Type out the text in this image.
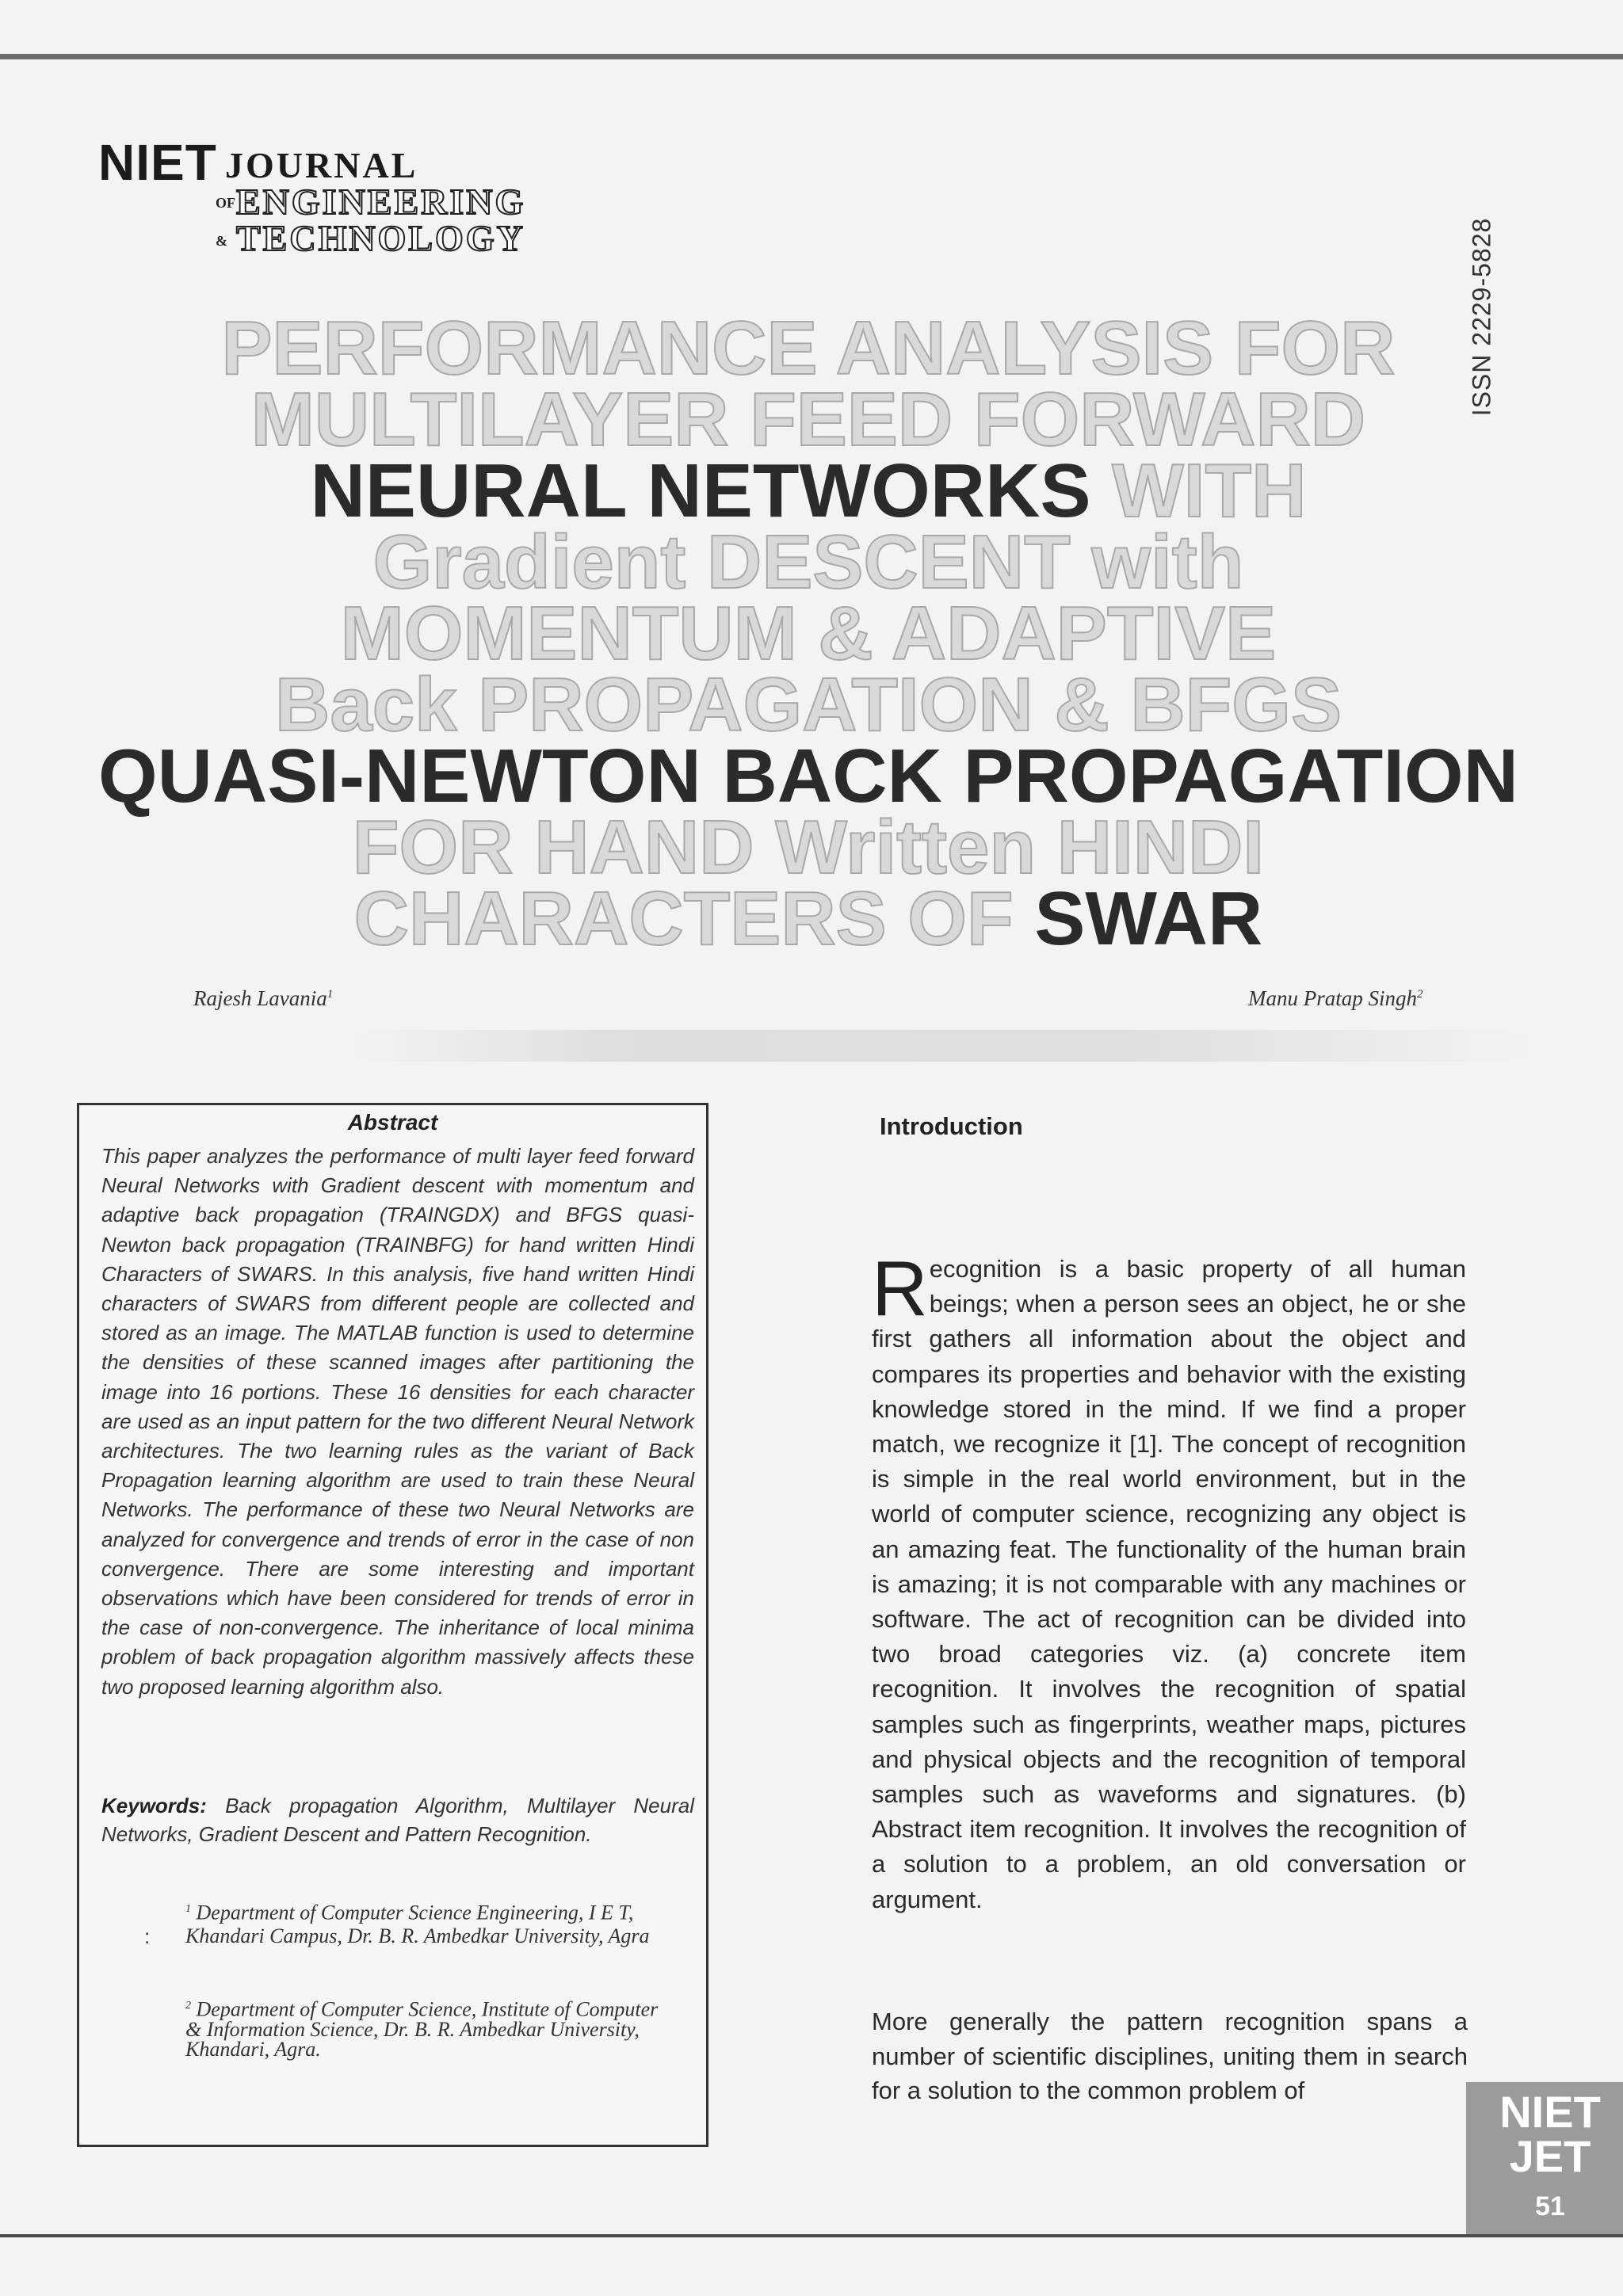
NIET JOURNAL
OF ENGINEERING
& TECHNOLOGY	ISSN 2229-5828
PERFORMANCE ANALYSIS FOR
MULTILAYER FEED FORWARD
NEURAL NETWORKS WITH
Gradient DESCENT with
MOMENTUM & ADAPTIVE
Back PROPAGATION & BFGS
QUASI-NEWTON BACK PROPAGATION
FOR HAND Written HINDI
CHARACTERS OF SWAR
Rajesh Lavania$^1$	Manu Pratap Singh$^2$
Abstract

This paper analyzes the performance of multi layer feed forward Neural Networks with Gradient descent with momentum and adaptive back propagation (TRAINGDX) and BFGS quasi-Newton back propagation (TRAINBFG) for hand written Hindi Characters of SWARS. In this analysis, five hand written Hindi characters of SWARS from different people are collected and stored as an image. The MATLAB function is used to determine the densities of these scanned images after partitioning the image into 16 portions. These 16 densities for each character are used as an input pattern for the two different Neural Network architectures. The two learning rules as the variant of Back Propagation learning algorithm are used to train these Neural Networks. The performance of these two Neural Networks are analyzed for convergence and trends of error in the case of non convergence. There are some interesting and important observations which have been considered for trends of error in the case of non-convergence. The inheritance of local minima problem of back propagation algorithm massively affects these two proposed learning algorithm also.

Keywords: Back propagation Algorithm, Multilayer Neural Networks, Gradient Descent and Pattern Recognition.

:

$^1$ Department of Computer Science Engineering, I E T, Khandari Campus, Dr. B. R. Ambedkar University, Agra

$^2$ Department of Computer Science, Institute of Computer & Information Science, Dr. B. R. Ambedkar University, Khandari, Agra.

Introduction

Recognition is a basic property of all human beings; when a person sees an object, he or she first gathers all information about the object and compares its properties and behavior with the existing knowledge stored in the mind. If we find a proper match, we recognize it [1]. The concept of recognition is simple in the real world environment, but in the world of computer science, recognizing any object is an amazing feat. The functionality of the human brain is amazing; it is not comparable with any machines or software. The act of recognition can be divided into two broad categories viz. (a) concrete item recognition. It involves the recognition of spatial samples such as fingerprints, weather maps, pictures and physical objects and the recognition of temporal samples such as waveforms and signatures. (b) Abstract item recognition. It involves the recognition of a solution to a problem, an old conversation or argument.

More generally the pattern recognition spans a number of scientific disciplines, uniting them in search for a solution to the common problem of	NIET
JET
51
